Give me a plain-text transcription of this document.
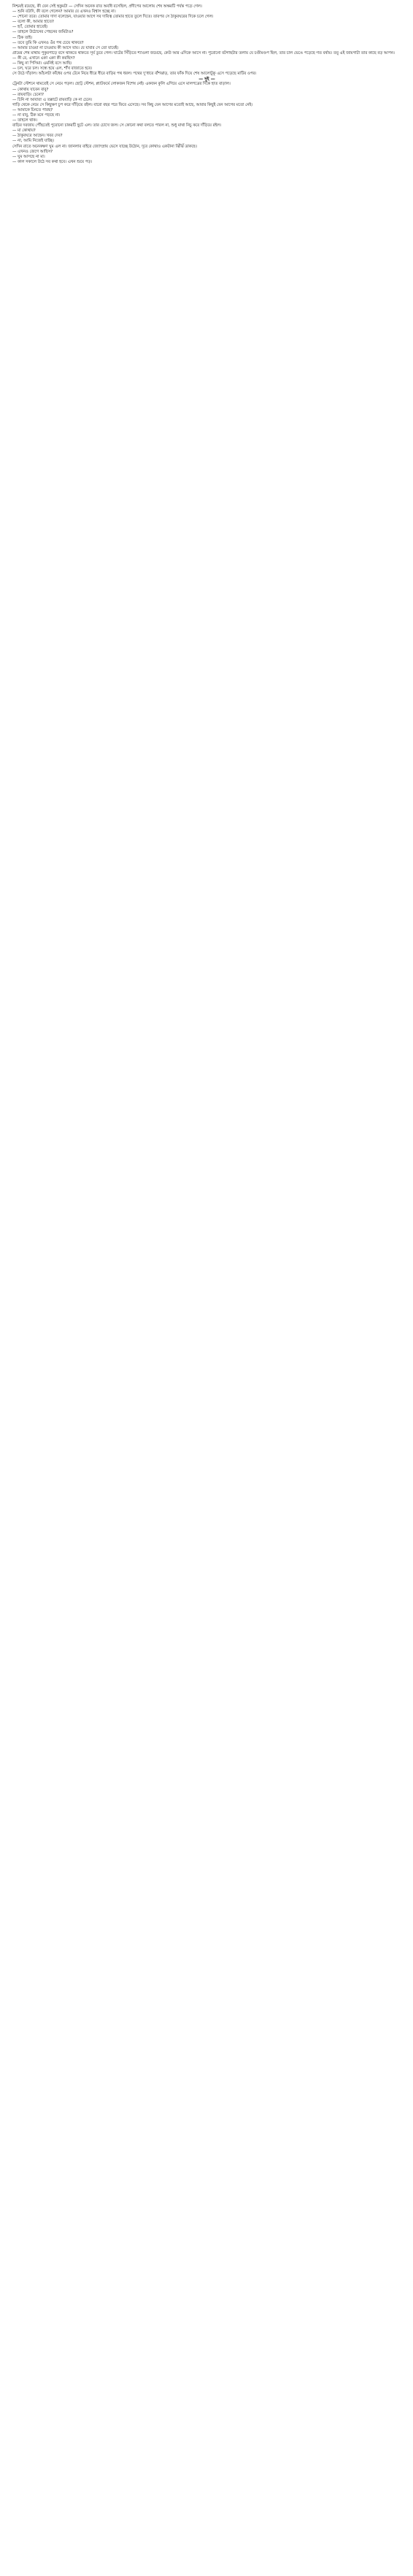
নিশ্চয়ই রয়েছে, কী যেন সেই হুকুমটা — সেদিন অনেক রাত অবধি বসেছিল, প্রদীপের আলোয় শেষ অক্ষরটি পর্যন্ত পড়ে গেল।

— শুনি বউদি, কী বলে গেলেন? আমার যে এখনও বিশ্বাস হচ্ছে না।

— শোনো তবে। তোমার দাদা বলেছেন, যাওয়ার আগে সব দায়িত্ব তোমার হাতে তুলে দিতে। তারপর সে ঠাকুরঘরের দিকে চলে গেল।

— বলো কী, আমার হাতে?

— হ্যাঁ, তোমার হাতেই।

— তাহলে উঠোনের পেছনের জমিটাও?

— ঠিক তাই।

— তবে তুমি কি এখনও ওঁর পথ চেয়ে থাকবে?

— আমার চাওয়া না চাওয়ায় কী আসে যায়। যে যাবার সে তো যাবেই।

গ্রামের শেষ মাথায় পুকুরপাড়ে বসে থাকতে থাকতে সূর্য ডুবে গেল। ঘাটের সিঁড়িতে শ্যাওলা জমেছে, কেউ আর এদিকে আসে না। পুরোনো বটগাছটার তলায় যে চণ্ডীমণ্ডপ ছিল, তার চাল ভেঙে পড়েছে গত বর্ষায়। তবু এই জায়গাটা তার কাছে বড় আপন।

— কী রে, এখানে একা একা কী করছিস?

— কিছু না পিসিমা। এমনিই বসে আছি।

— চল, ঘরে চল। সন্ধে হয়ে এল, শাঁখ বাজাতে হবে।

সে উঠে দাঁড়াল। আঁচলটা কাঁধের ওপর টেনে নিয়ে ধীরে ধীরে বাড়ির পথ ধরল। পথের দু’ধারে বাঁশঝাড়, তার ফাঁক দিয়ে শেষ আলোটুকু এসে পড়েছে মাটির ওপর।

— দুই —

ট্রেনটা স্টেশনে থামতেই সে নেমে পড়ল। ছোট্ট স্টেশন, প্ল্যাটফর্মে লোকজন বিশেষ নেই। একজন কুলি এগিয়ে এসে মালপত্রের দিকে হাত বাড়াল।

— কোথায় যাবেন বাবু?

— রায়বাড়ি। চেনো?

— চিনি না আবার! এ তল্লাটে রায়বাড়ি কে না চেনে।

গাড়ি থেকে নেমে সে কিছুক্ষণ চুপ করে দাঁড়িয়ে রইল। বারো বছর পরে ফিরে এসেছে। সব কিছু যেন আগের মতোই আছে, আবার কিছুই যেন আগের মতো নেই।

— আমাকে চিনতে পারছ?

— না বাবু, ঠিক মনে পড়ছে না।

— তাহলে থাক।

বাড়ির দরজায় পৌঁছতেই পুরোনো চাকরটি ছুটে এল। তার চোখে জল। সে কোনো কথা বলতে পারল না, শুধু মাথা নিচু করে দাঁড়িয়ে রইল।

— মা কোথায়?

— ঠাকুরঘরে আছেন। খবর দেব?

— না, আমি নিজেই যাচ্ছি।

সেদিন রাতে অনেকক্ষণ ঘুম এল না। জানলার বাইরে জ্যোৎস্নায় ভেসে যাচ্ছে উঠোন, দূরে কোথাও একটানা ঝিঁঝিঁ ডাকছে।

— এখনও জেগে আছিস?

— ঘুম আসছে না মা।

— কাল সকালে উঠে সব কথা হবে। এখন শুয়ে পড়।
